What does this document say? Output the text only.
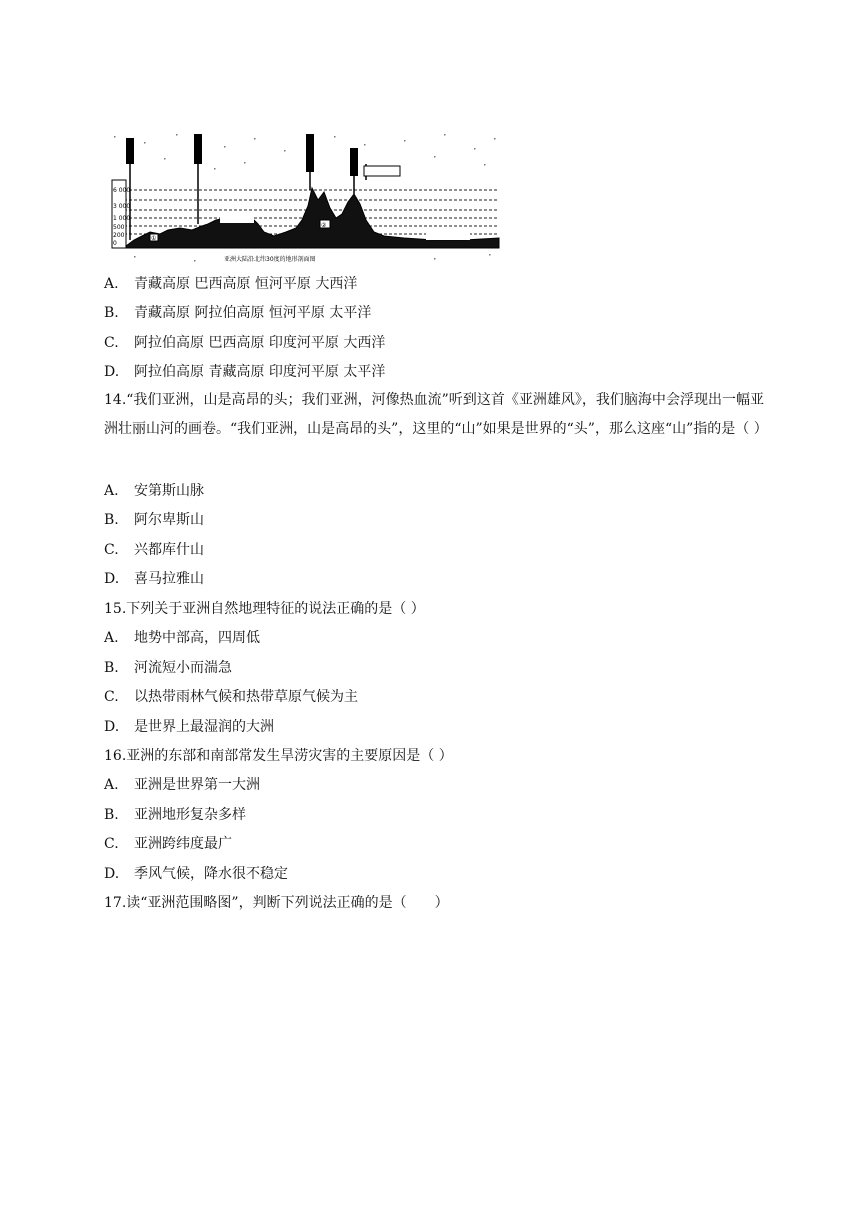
6 000
3 000
1 000
500
200
0
①
②
亚洲大陆沿北纬30度的地形剖面图
A. 青藏高原 巴西高原 恒河平原 大西洋
B. 青藏高原 阿拉伯高原 恒河平原 太平洋
C. 阿拉伯高原 巴西高原 印度河平原 大西洋
D. 阿拉伯高原 青藏高原 印度河平原 太平洋
14.“我们亚洲，山是高昂的头；我们亚洲，河像热血流”听到这首《亚洲雄风》，我们脑海中会浮现出一幅亚洲壮丽山河的画卷。“我们亚洲，山是高昂的头”，这里的“山”如果是世界的“头”，那么这座“山”指的是（ ）
A. 安第斯山脉
B. 阿尔卑斯山
C. 兴都库什山
D. 喜马拉雅山
15.下列关于亚洲自然地理特征的说法正确的是（ ）
A. 地势中部高，四周低
B. 河流短小而湍急
C. 以热带雨林气候和热带草原气候为主
D. 是世界上最湿润的大洲
16.亚洲的东部和南部常发生旱涝灾害的主要原因是（ ）
A. 亚洲是世界第一大洲
B. 亚洲地形复杂多样
C. 亚洲跨纬度最广
D. 季风气候，降水很不稳定
17.读“亚洲范围略图”，判断下列说法正确的是（　　）
